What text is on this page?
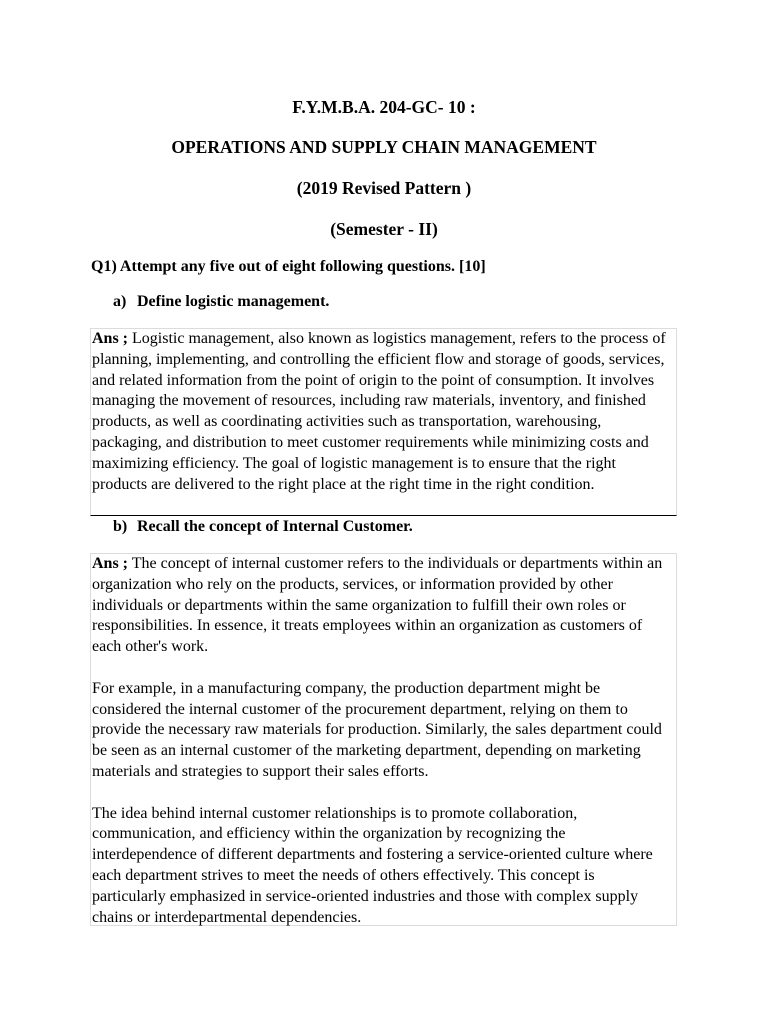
F.Y.M.B.A. 204-GC- 10 :
OPERATIONS AND SUPPLY CHAIN MANAGEMENT
(2019 Revised Pattern )
(Semester - II)
Q1) Attempt any five out of eight following questions. [10]
a) Define logistic management.

Ans ; Logistic management, also known as logistics management, refers to the process of planning, implementing, and controlling the efficient flow and storage of goods, services, and related information from the point of origin to the point of consumption. It involves managing the movement of resources, including raw materials, inventory, and finished products, as well as coordinating activities such as transportation, warehousing, packaging, and distribution to meet customer requirements while minimizing costs and maximizing efficiency. The goal of logistic management is to ensure that the right products are delivered to the right place at the right time in the right condition.

b) Recall the concept of Internal Customer.

Ans ; The concept of internal customer refers to the individuals or departments within an organization who rely on the products, services, or information provided by other individuals or departments within the same organization to fulfill their own roles or responsibilities. In essence, it treats employees within an organization as customers of each other's work.

For example, in a manufacturing company, the production department might be considered the internal customer of the procurement department, relying on them to provide the necessary raw materials for production. Similarly, the sales department could be seen as an internal customer of the marketing department, depending on marketing materials and strategies to support their sales efforts.

The idea behind internal customer relationships is to promote collaboration, communication, and efficiency within the organization by recognizing the interdependence of different departments and fostering a service-oriented culture where each department strives to meet the needs of others effectively. This concept is particularly emphasized in service-oriented industries and those with complex supply chains or interdepartmental dependencies.
